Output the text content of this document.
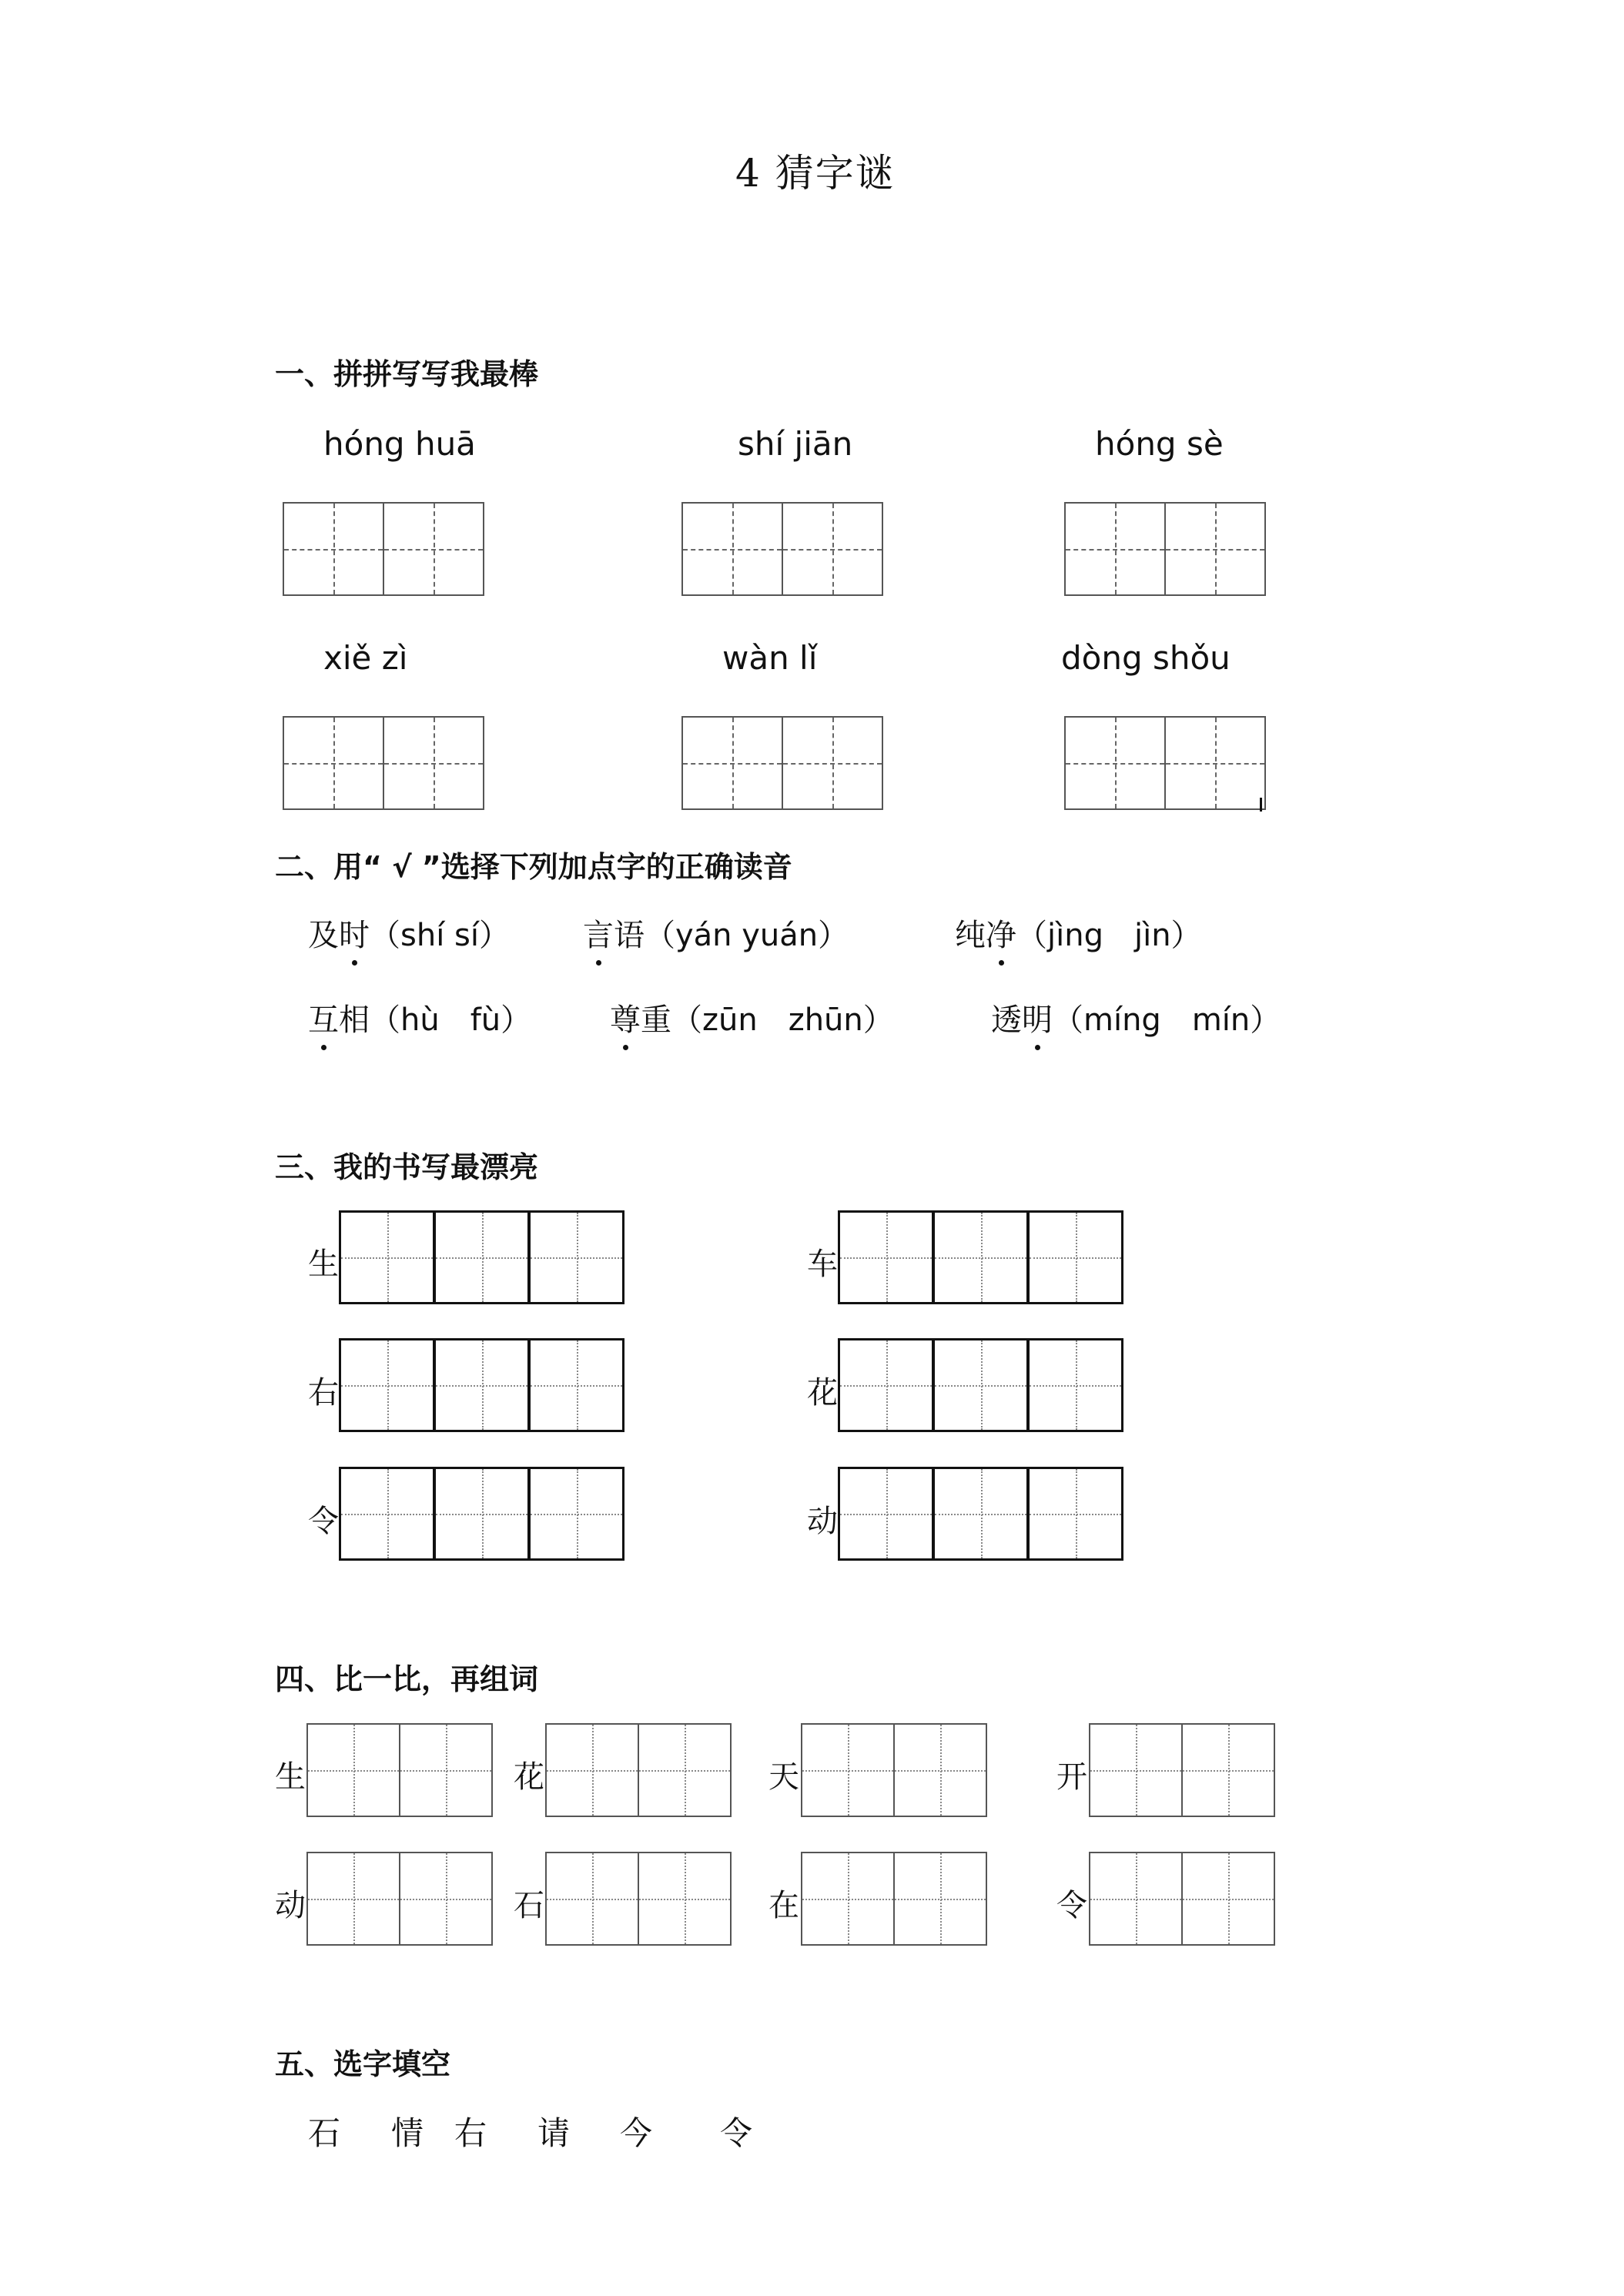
4 猜字谜
一、拼拼写写我最棒
hóng huā	shí jiān	hóng sè
xiě zì	wàn lǐ	dòng shǒu
二、用“ √ ”选择下列加点字的正确读音
及时（shí sí） 言语（yán yuán）	纯净（jìng　jìn）
互相（hù　fù）	尊重（zūn　zhūn）	透明（míng　mín）
三、我的书写最漂亮
生	车
右	花
令	动
四、比一比，再组词
生	花	天	开
动	石	在	令
五、选字填空
石 情 右 请 今 令
